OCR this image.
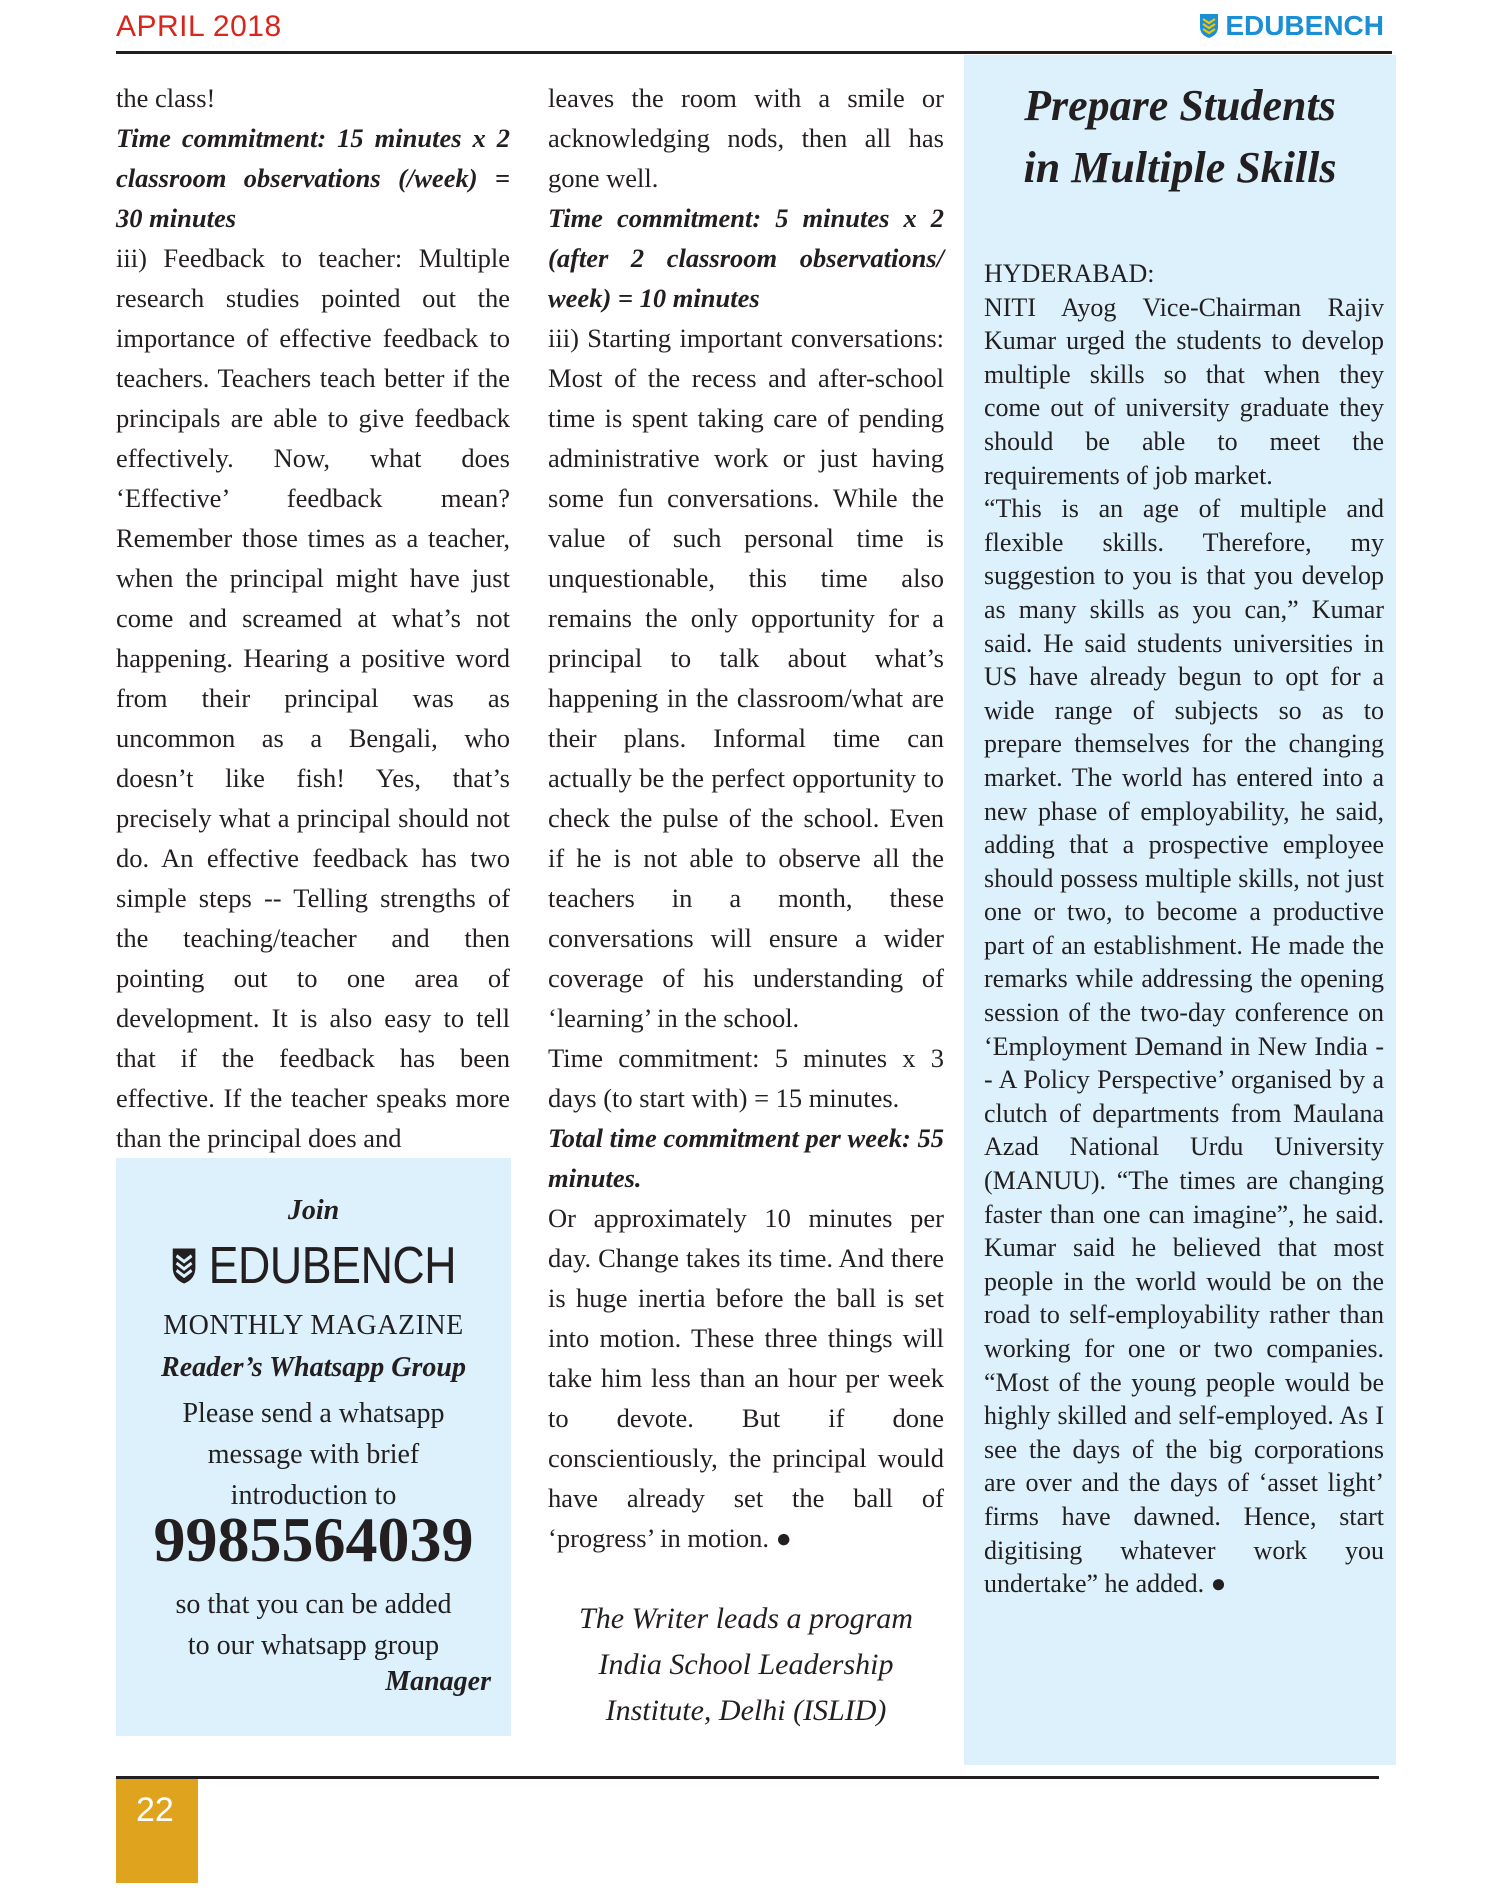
APRIL 2018	EDUBENCH

the class!

Time commitment: 15 minutes x 2 classroom observations (/week) = 30 minutes

iii) Feedback to teacher: Multiple research studies pointed out the importance of effective feedback to teachers. Teachers teach better if the principals are able to give feedback effectively. Now, what does ‘Effective’ feedback mean? Remember those times as a teacher, when the principal might have just come and screamed at what’s not happening. Hearing a positive word from their principal was as uncommon as a Bengali, who doesn’t like fish! Yes, that’s precisely what a principal should not do. An effective feedback has two simple steps -- Telling strengths of the teaching/teacher and then pointing out to one area of development. It is also easy to tell that if the feedback has been effective. If the teacher speaks more than the principal does and

Join
EDUBENCH
MONTHLY MAGAZINE
Reader’s Whatsapp Group
Please send a whatsapp
message with brief
introduction to
9985564039
so that you can be added
to our whatsapp group
Manager

leaves the room with a smile or acknowledging nods, then all has gone well.

Time commitment: 5 minutes x 2 (after 2 classroom observations/ week) = 10 minutes

iii) Starting important conversations: Most of the recess and after-school time is spent taking care of pending administrative work or just having some fun conversations. While the value of such personal time is unquestionable, this time also remains the only opportunity for a principal to talk about what’s happening in the classroom/what are their plans. Informal time can actually be the perfect opportunity to check the pulse of the school. Even if he is not able to observe all the teachers in a month, these conversations will ensure a wider coverage of his understanding of ‘learning’ in the school.

Time commitment: 5 minutes x 3 days (to start with) = 15 minutes.

Total time commitment per week: 55 minutes.

Or approximately 10 minutes per day. Change takes its time. And there is huge inertia before the ball is set into motion. These three things will take him less than an hour per week to devote. But if done conscientiously, the principal would have already set the ball of ‘progress’ in motion. ●

The Writer leads a program
India School Leadership
Institute, Delhi (ISLID)
Prepare Students
in Multiple Skills

HYDERABAD:

NITI Ayog Vice-Chairman Rajiv Kumar urged the students to develop multiple skills so that when they come out of university graduate they should be able to meet the requirements of job market.

“This is an age of multiple and flexible skills. Therefore, my suggestion to you is that you develop as many skills as you can,” Kumar said. He said students universities in US have already begun to opt for a wide range of subjects so as to prepare themselves for the changing market. The world has entered into a new phase of employability, he said, adding that a prospective employee should possess multiple skills, not just one or two, to become a productive part of an establishment. He made the remarks while addressing the opening session of the two-day conference on ‘Employment Demand in New India -- A Policy Perspective’ organised by a clutch of departments from Maulana Azad National Urdu University (MANUU). “The times are changing faster than one can imagine”, he said. Kumar said he believed that most people in the world would be on the road to self-employability rather than working for one or two companies. “Most of the young people would be highly skilled and self-employed. As I see the days of the big corporations are over and the days of ‘asset light’ firms have dawned. Hence, start digitising whatever work you undertake” he added. ●

22
